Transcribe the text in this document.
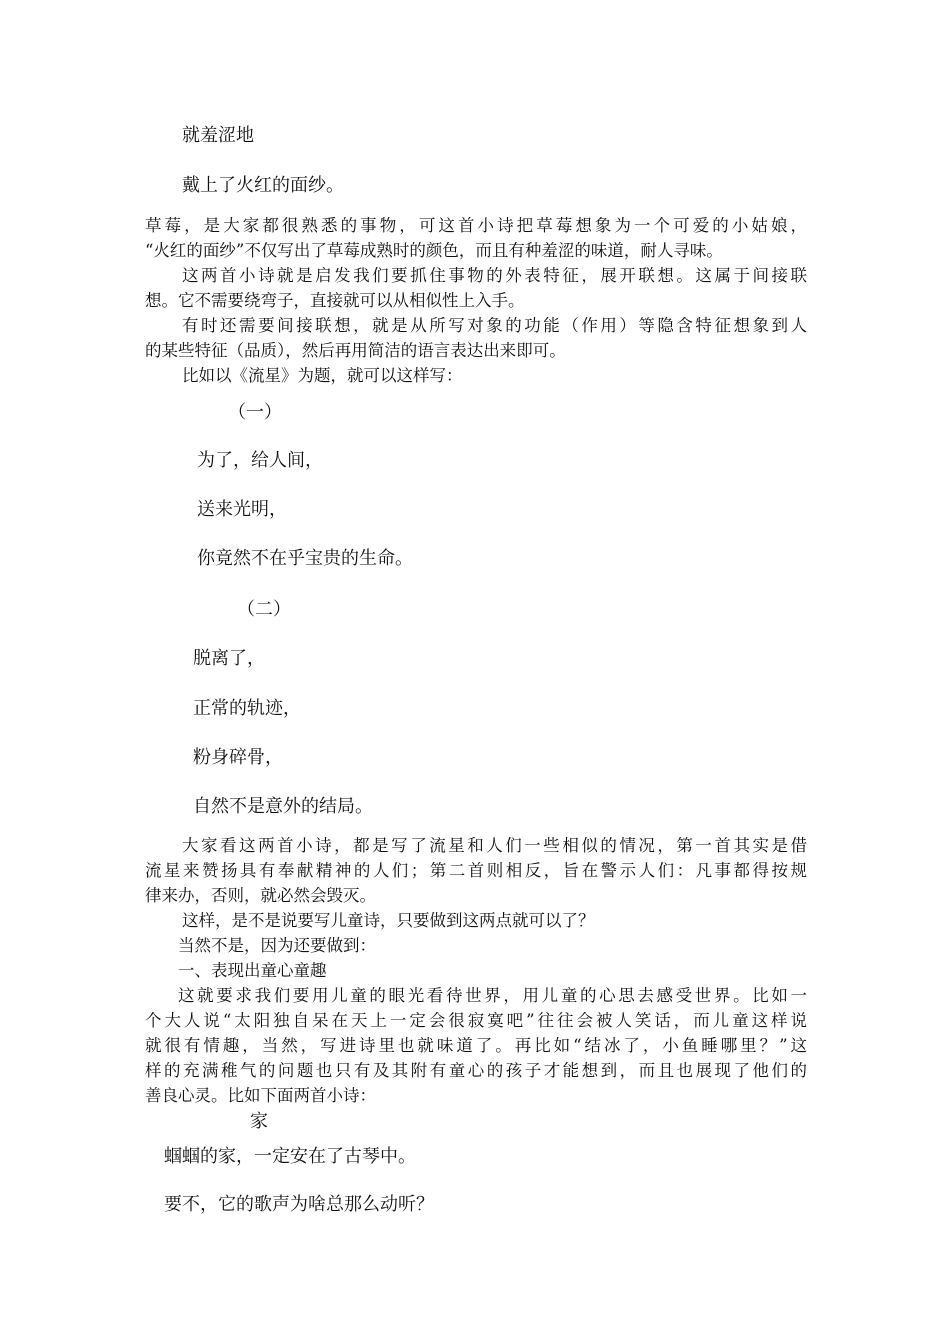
就羞涩地

戴上了火红的面纱。

草莓，是大家都很熟悉的事物，可这首小诗把草莓想象为一个可爱的小姑娘，

“火红的面纱”不仅写出了草莓成熟时的颜色，而且有种羞涩的味道，耐人寻味。

这两首小诗就是启发我们要抓住事物的外表特征，展开联想。这属于间接联

想。它不需要绕弯子，直接就可以从相似性上入手。

有时还需要间接联想，就是从所写对象的功能（作用）等隐含特征想象到人

的某些特征（品质），然后再用简洁的语言表达出来即可。

比如以《流星》为题，就可以这样写：

（一）

为了，给人间，

送来光明，

你竟然不在乎宝贵的生命。

（二）

脱离了，

正常的轨迹，

粉身碎骨，

自然不是意外的结局。

大家看这两首小诗，都是写了流星和人们一些相似的情况，第一首其实是借

流星来赞扬具有奉献精神的人们；第二首则相反，旨在警示人们：凡事都得按规

律来办，否则，就必然会毁灭。

这样，是不是说要写儿童诗，只要做到这两点就可以了？

当然不是，因为还要做到：

一、表现出童心童趣

这就要求我们要用儿童的眼光看待世界，用儿童的心思去感受世界。比如一

个大人说“太阳独自呆在天上一定会很寂寞吧”往往会被人笑话，而儿童这样说

就很有情趣，当然，写进诗里也就味道了。再比如“结冰了，小鱼睡哪里？”这

样的充满稚气的问题也只有及其附有童心的孩子才能想到，而且也展现了他们的

善良心灵。比如下面两首小诗：

家

蝈蝈的家，一定安在了古琴中。

要不，它的歌声为啥总那么动听？
